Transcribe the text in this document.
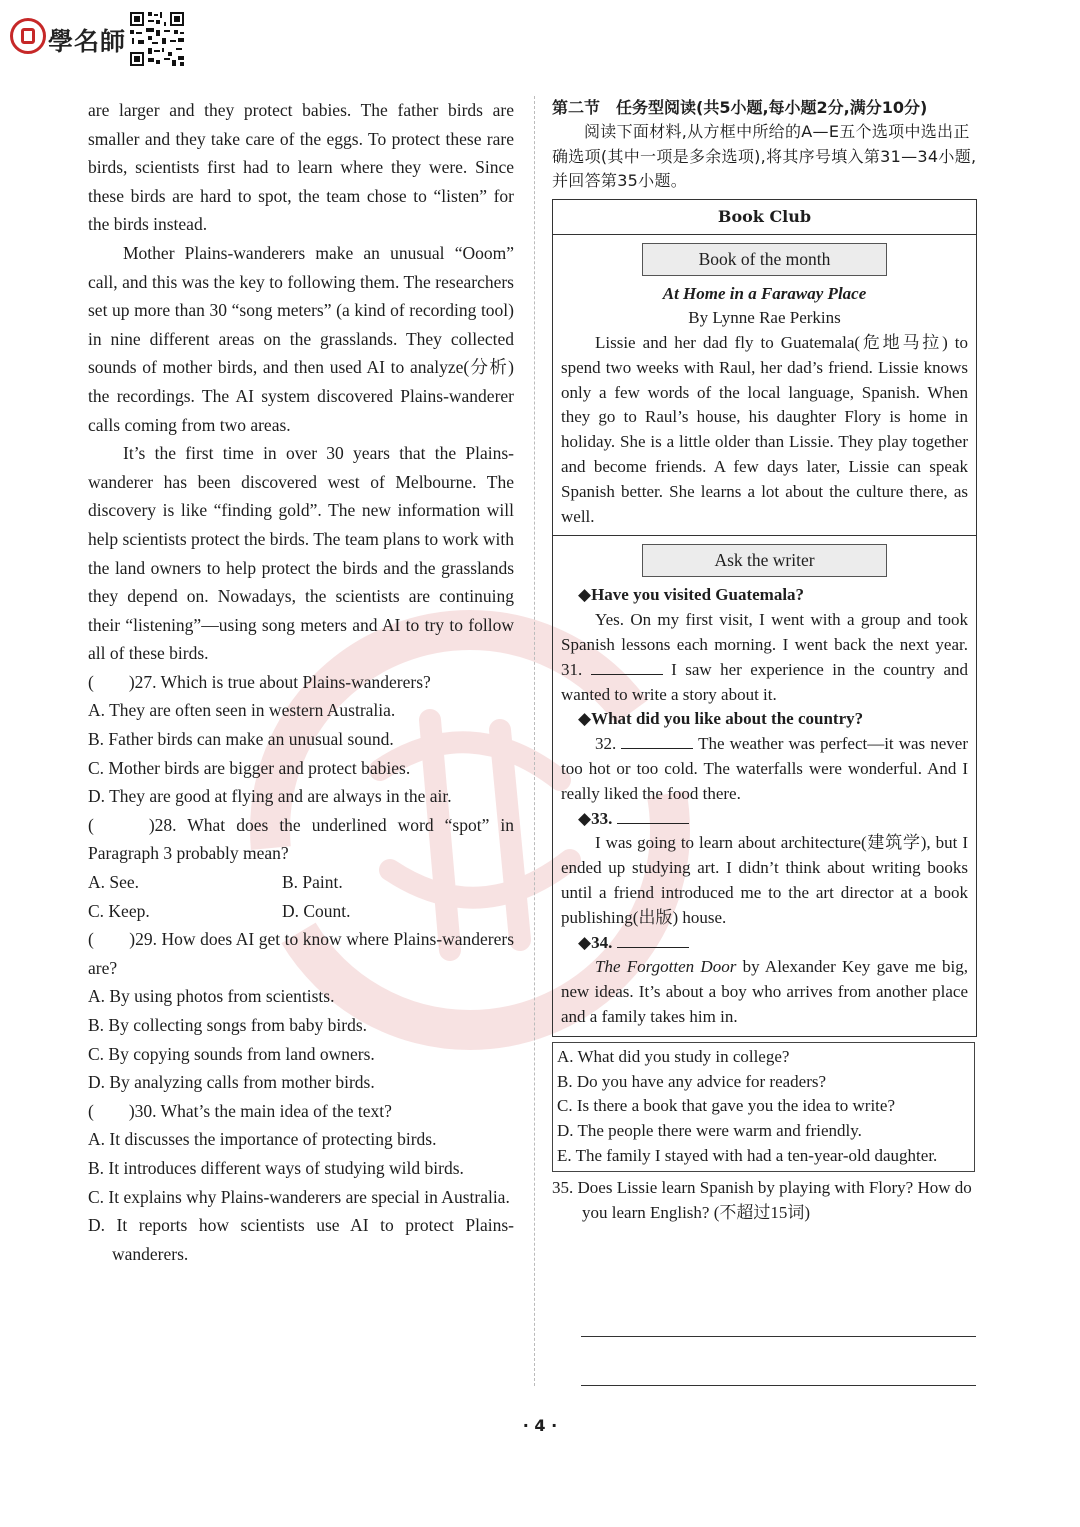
學名師

are larger and they protect babies. The father birds are smaller and they take care of the eggs. To protect these rare birds, scientists first had to learn where they were. Since these birds are hard to spot, the team chose to “listen” for the birds instead.

Mother Plains-wanderers make an unusual “Ooom” call, and this was the key to following them. The researchers set up more than 30 “song meters” (a kind of recording tool) in nine different areas on the grasslands. They collected sounds of mother birds, and then used AI to analyze(分析) the recordings. The AI system discovered Plains-wanderer calls coming from two areas.

It’s the first time in over 30 years that the Plains-wanderer has been discovered west of Melbourne. The discovery is like “finding gold”. The new information will help scientists protect the birds. The team plans to work with the land owners to help protect the birds and the grasslands they depend on. Nowadays, the scientists are continuing their “listening”—using song meters and AI to try to follow all of these birds.

(　　)27. Which is true about Plains-wanderers?

A. They are often seen in western Australia.

B. Father birds can make an unusual sound.

C. Mother birds are bigger and protect babies.

D. They are good at flying and are always in the air.

(　　)28. What does the underlined word “spot” in Paragraph 3 probably mean?

A. See.	B. Paint.
C. Keep.	D. Count.

(　　)29. How does AI get to know where Plains-wanderers are?

A. By using photos from scientists.

B. By collecting songs from baby birds.

C. By copying sounds from land owners.

D. By analyzing calls from mother birds.

(　　)30. What’s the main idea of the text?

A. It discusses the importance of protecting birds.

B. It introduces different ways of studying wild birds.

C. It explains why Plains-wanderers are special in Australia.

D. It reports how scientists use AI to protect Plains-wanderers.

第二节　任务型阅读(共5小题,每小题2分,满分10分)

阅读下面材料,从方框中所给的A—E五个选项中选出正确选项(其中一项是多余选项),将其序号填入第31—34小题,并回答第35小题。

Book Club
Book of the month

At Home in a Faraway Place

By Lynne Rae Perkins

Lissie and her dad fly to Guatemala(危地马拉) to spend two weeks with Raul, her dad’s friend. Lissie knows only a few words of the local language, Spanish. When they go to Raul’s house, his daughter Flory is home in holiday. She is a little older than Lissie. They play together and become friends. A few days later, Lissie can speak Spanish better. She learns a lot about the culture there, as well.

Ask the writer

◆Have you visited Guatemala?

Yes. On my first visit, I went with a group and took Spanish lessons each morning. I went back the next year. 31.	I saw her experience in the country and wanted to write a story about it.

◆What did you like about the country?

32.	The weather was perfect—it was never too hot or too cold. The waterfalls were wonderful. And I really liked the food there.

◆33.

I was going to learn about architecture(建筑学), but I ended up studying art. I didn’t think about writing books until a friend introduced me to the art director at a book publishing(出版) house.

◆34.

The Forgotten Door by Alexander Key gave me big, new ideas. It’s about a boy who arrives from another place and a family takes him in.

A. What did you study in college?

B. Do you have any advice for readers?

C. Is there a book that gave you the idea to write?

D. The people there were warm and friendly.

E. The family I stayed with had a ten-year-old daughter.

35. Does Lissie learn Spanish by playing with Flory? How do you learn English? (不超过15词)
· 4 ·
